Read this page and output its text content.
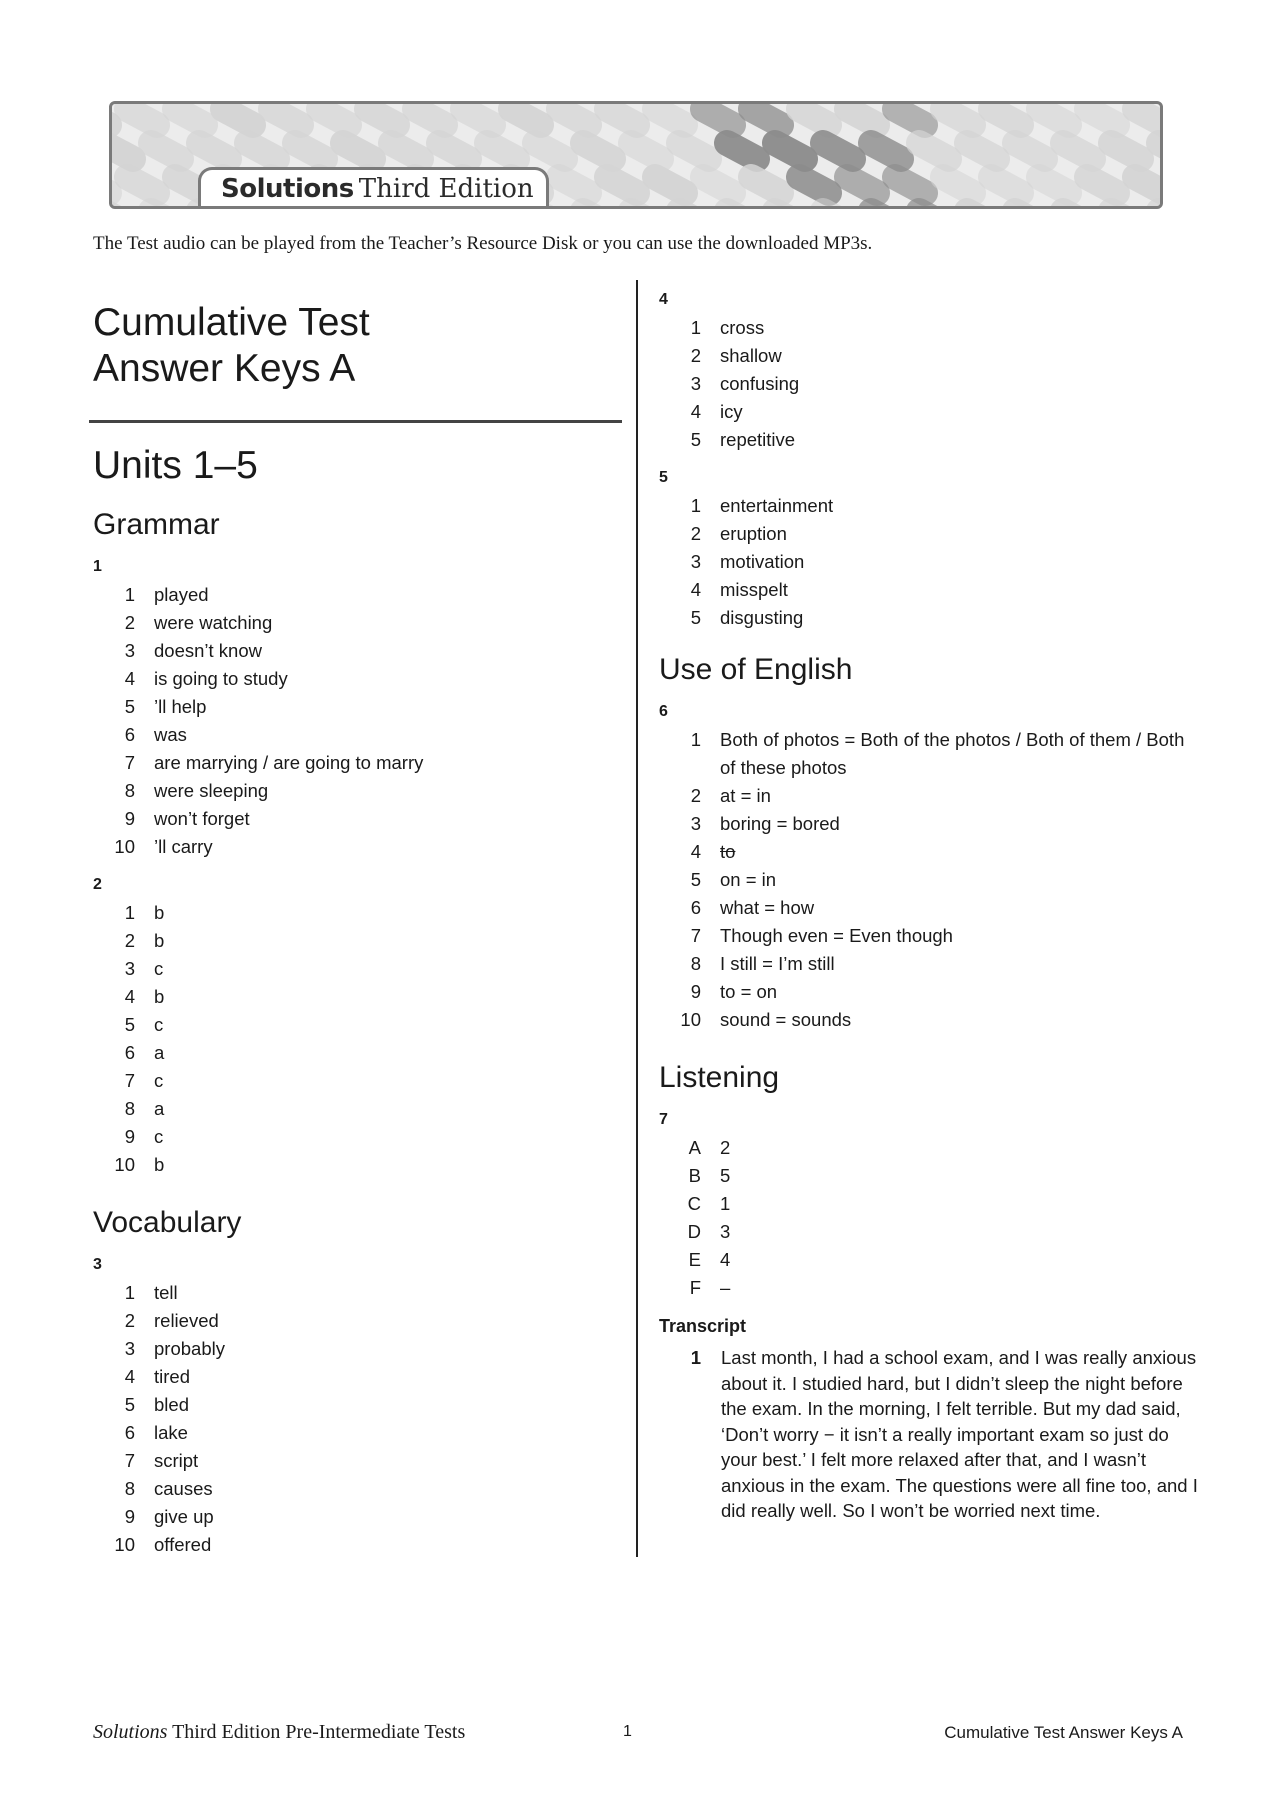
Solutions Third Edition
The Test audio can be played from the Teacher’s Resource Disk or you can use the downloaded MP3s.
Cumulative Test
Answer Keys A
Units 1–5
Grammar
1
1 played
2 were watching
3 doesn’t know
4 is going to study
5 ’ll help
6 was
7 are marrying / are going to marry
8 were sleeping
9 won’t forget
10 ’ll carry
2
1 b
2 b
3 c
4 b
5 c
6 a
7 c
8 a
9 c
10 b
Vocabulary
3
1 tell
2 relieved
3 probably
4 tired
5 bled
6 lake
7 script
8 causes
9 give up
10 offered
4
1 cross
2 shallow
3 confusing
4 icy
5 repetitive
5
1 entertainment
2 eruption
3 motivation
4 misspelt
5 disgusting
Use of English
6
1 Both of photos = Both of the photos / Both of them / Both of these photos
2 at = in
3 boring = bored
4 to
5 on = in
6 what = how
7 Though even = Even though
8 I still = I’m still
9 to = on
10 sound = sounds
Listening
7
A 2
B 5
C 1
D 3
E 4
F –
Transcript
1 Last month, I had a school exam, and I was really anxious about it. I studied hard, but I didn’t sleep the night before the exam. In the morning, I felt terrible. But my dad said, ‘Don’t worry − it isn’t a really important exam so just do your best.’ I felt more relaxed after that, and I wasn’t anxious in the exam. The questions were all fine too, and I did really well. So I won’t be worried next time.
Solutions Third Edition Pre-Intermediate Tests	1	Cumulative Test Answer Keys A
